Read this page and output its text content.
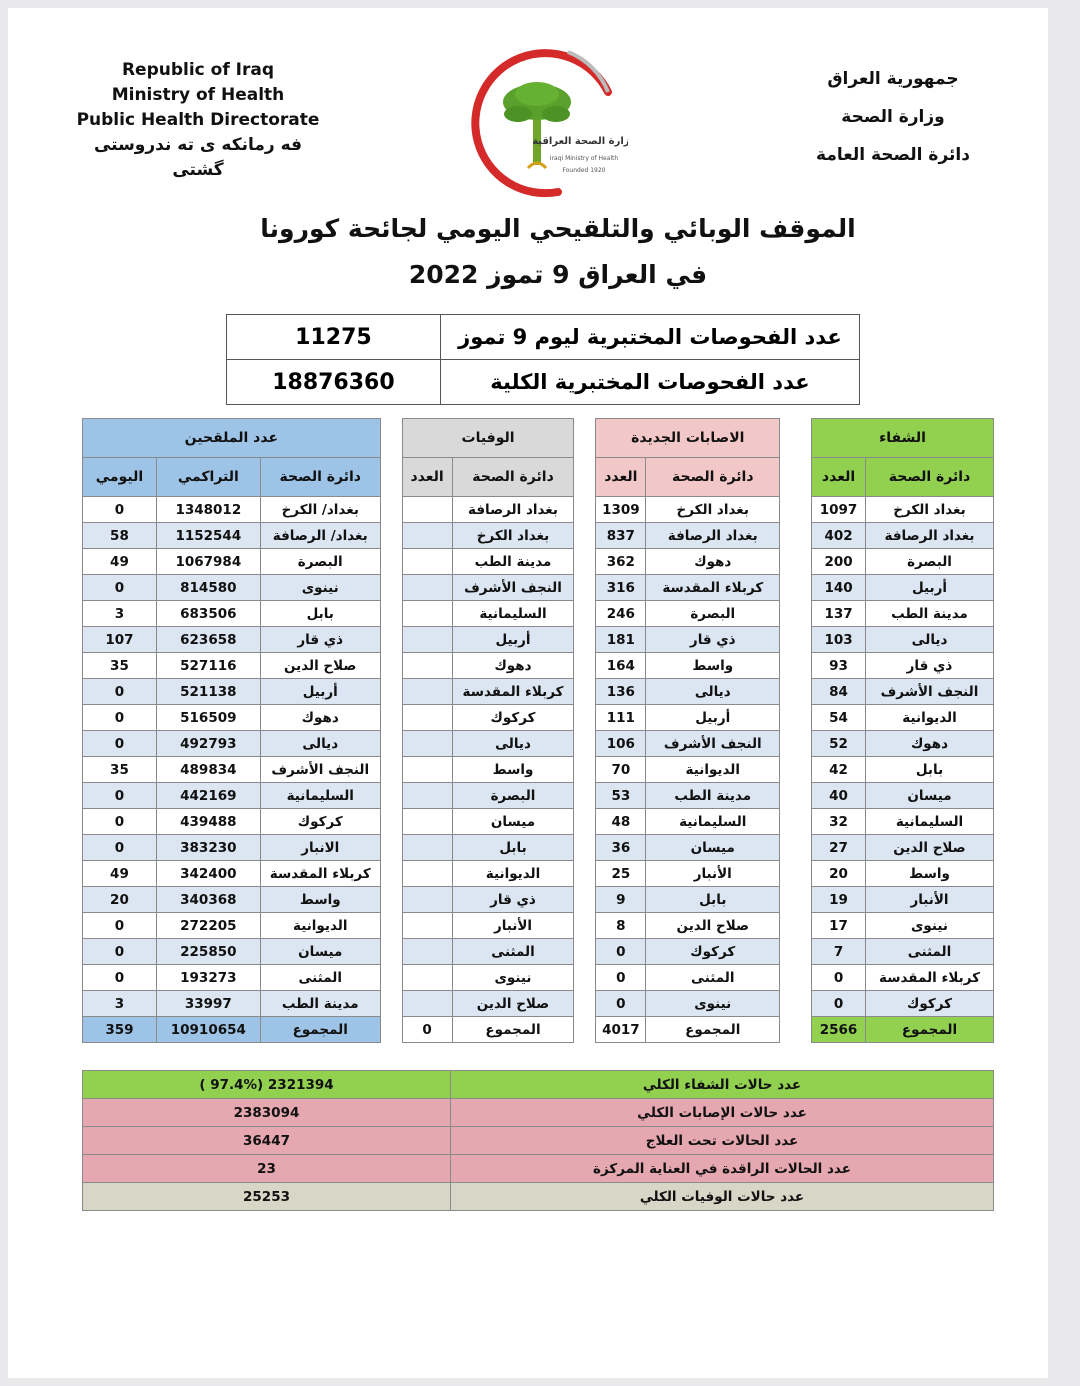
Republic of Iraq
Ministry of Health
Public Health Directorate
فه رمانكه ى ته ندروستى گشتى
وزارة الصحة العراقية
Iraqi Ministry of Health
Founded 1920
جمهورية العراق
وزارة الصحة
دائرة الصحة العامة
الموقف الوبائي والتلقيحي اليومي لجائحة كورونا
في العراق 9 تموز 2022
11275	عدد الفحوصات المختبرية ليوم 9 تموز
18876360	عدد الفحوصات المختبرية الكلية
عدد الملقحين				الوفيات			الاصابات الجديدة			الشفاء	
اليومي	التراكمي	دائرة الصحة		العدد	دائرة الصحة		العدد	دائرة الصحة		العدد	دائرة الصحة
0	1348012	بغداد/ الكرخ			بغداد الرصافة		1309	بغداد الكرخ		1097	بغداد الكرخ
58	1152544	بغداد/ الرصافة			بغداد الكرخ		837	بغداد الرصافة		402	بغداد الرصافة
49	1067984	البصرة			مدينة الطب		362	دهوك		200	البصرة
0	814580	نينوى			النجف الأشرف		316	كربلاء المقدسة		140	أربيل
3	683506	بابل			السليمانية		246	البصرة		137	مدينة الطب
107	623658	ذي قار			أربيل		181	ذي قار		103	ديالى
35	527116	صلاح الدين			دهوك		164	واسط		93	ذي قار
0	521138	أربيل			كربلاء المقدسة		136	ديالى		84	النجف الأشرف
0	516509	دهوك			كركوك		111	أربيل		54	الديوانية
0	492793	ديالى			ديالى		106	النجف الأشرف		52	دهوك
35	489834	النجف الأشرف			واسط		70	الديوانية		42	بابل
0	442169	السليمانية			البصرة		53	مدينة الطب		40	ميسان
0	439488	كركوك			ميسان		48	السليمانية		32	السليمانية
0	383230	الانبار			بابل		36	ميسان		27	صلاح الدين
49	342400	كربلاء المقدسة			الديوانية		25	الأنبار		20	واسط
20	340368	واسط			ذي قار		9	بابل		19	الأنبار
0	272205	الديوانية			الأنبار		8	صلاح الدين		17	نينوى
0	225850	ميسان			المثنى		0	كركوك		7	المثنى
0	193273	المثنى			نينوى		0	المثنى		0	كربلاء المقدسة
3	33997	مدينة الطب			صلاح الدين		0	نينوى		0	كركوك
359	10910654	المجموع		0	المجموع		4017	المجموع		2566	المجموع
( 97.4%) 2321394	عدد حالات الشفاء الكلي
2383094	عدد حالات الإصابات الكلي
36447	عدد الحالات تحت العلاج
23	عدد الحالات الراقدة في العناية المركزة
25253	عدد حالات الوفيات الكلي
